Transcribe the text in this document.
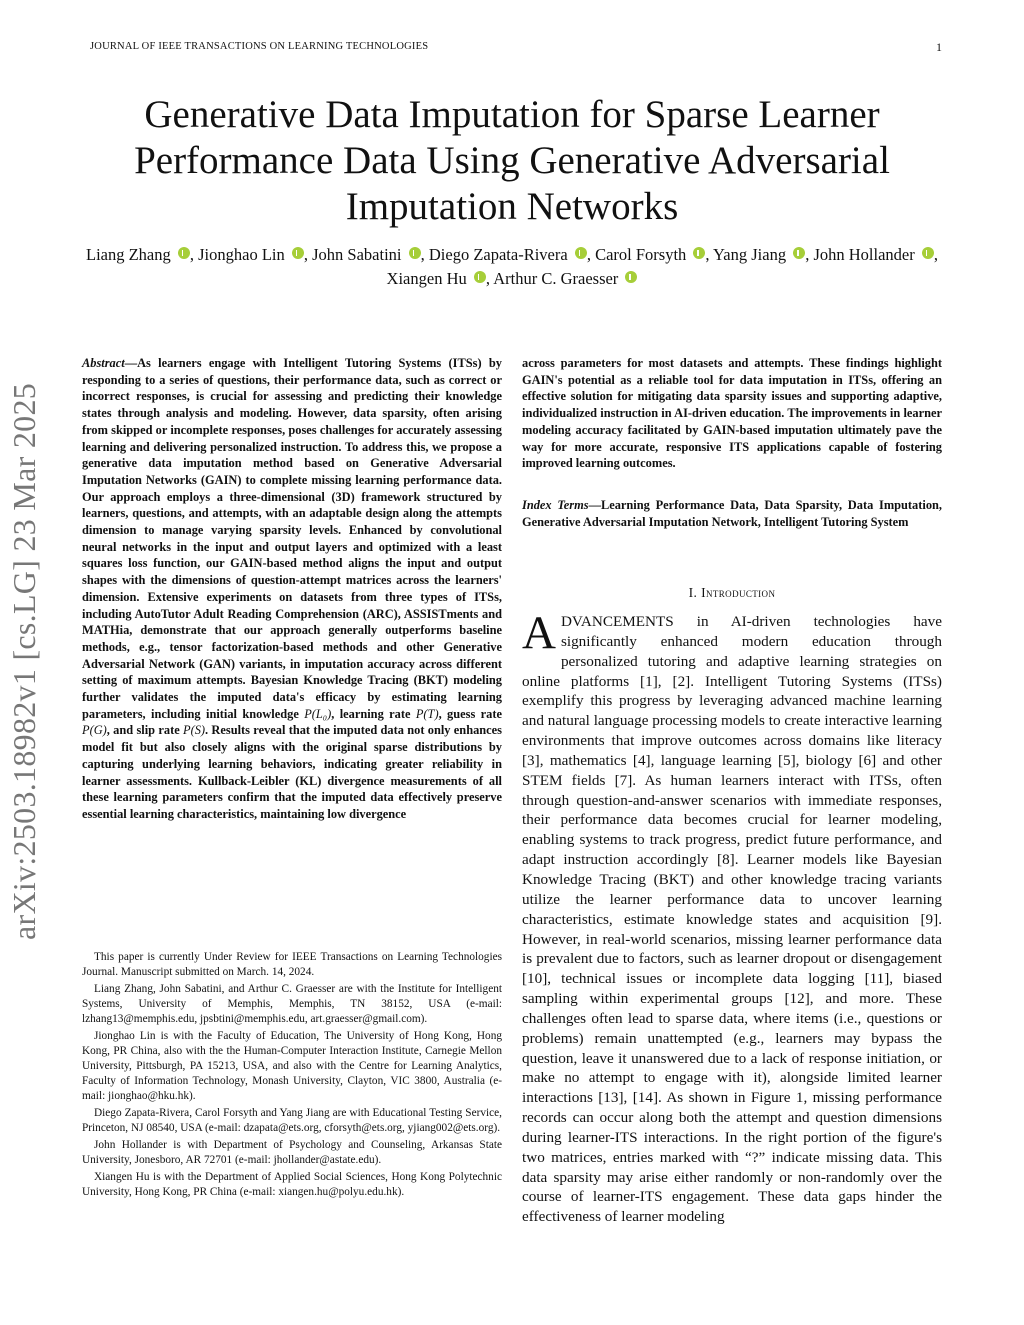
JOURNAL OF IEEE TRANSACTIONS ON LEARNING TECHNOLOGIES	1
Generative Data Imputation for Sparse Learner Performance Data Using Generative Adversarial Imputation Networks
Liang Zhang , Jionghao Lin , John Sabatini , Diego Zapata-Rivera , Carol Forsyth , Yang Jiang , John Hollander , Xiangen Hu , Arthur C. Graesser
arXiv:2503.18982v1 [cs.LG] 23 Mar 2025

Abstract—As learners engage with Intelligent Tutoring Systems (ITSs) by responding to a series of questions, their performance data, such as correct or incorrect responses, is crucial for assessing and predicting their knowledge states through analysis and modeling. However, data sparsity, often arising from skipped or incomplete responses, poses challenges for accurately assessing learning and delivering personalized instruction. To address this, we propose a generative data imputation method based on Generative Adversarial Imputation Networks (GAIN) to complete missing learning performance data. Our approach employs a three-dimensional (3D) framework structured by learners, questions, and attempts, with an adaptable design along the attempts dimension to manage varying sparsity levels. Enhanced by convolutional neural networks in the input and output layers and optimized with a least squares loss function, our GAIN-based method aligns the input and output shapes with the dimensions of question-attempt matrices across the learners' dimension. Extensive experiments on datasets from three types of ITSs, including AutoTutor Adult Reading Comprehension (ARC), ASSISTments and MATHia, demonstrate that our approach generally outperforms baseline methods, e.g., tensor factorization-based methods and other Generative Adversarial Network (GAN) variants, in imputation accuracy across different setting of maximum attempts. Bayesian Knowledge Tracing (BKT) modeling further validates the imputed data's efficacy by estimating learning parameters, including initial knowledge P(L₀), learning rate P(T), guess rate P(G), and slip rate P(S). Results reveal that the imputed data not only enhances model fit but also closely aligns with the original sparse distributions by capturing underlying learning behaviors, indicating greater reliability in learner assessments. Kullback-Leibler (KL) divergence measurements of all these learning parameters confirm that the imputed data effectively preserve essential learning characteristics, maintaining low divergence

across parameters for most datasets and attempts. These findings highlight GAIN's potential as a reliable tool for data imputation in ITSs, offering an effective solution for mitigating data sparsity issues and supporting adaptive, individualized instruction in AI-driven education. The improvements in learner modeling accuracy facilitated by GAIN-based imputation ultimately pave the way for more accurate, responsive ITS applications capable of fostering improved learning outcomes.

Index Terms—Learning Performance Data, Data Sparsity, Data Imputation, Generative Adversarial Imputation Network, Intelligent Tutoring System

I. Introduction

ADVANCEMENTS in AI-driven technologies have significantly enhanced modern education through personalized tutoring and adaptive learning strategies on online platforms [1], [2]. Intelligent Tutoring Systems (ITSs) exemplify this progress by leveraging advanced machine learning and natural language processing models to create interactive learning environments that improve outcomes across domains like literacy [3], mathematics [4], language learning [5], biology [6] and other STEM fields [7]. As human learners interact with ITSs, often through question-and-answer scenarios with immediate responses, their performance data becomes crucial for learner modeling, enabling systems to track progress, predict future performance, and adapt instruction accordingly [8]. Learner models like Bayesian Knowledge Tracing (BKT) and other knowledge tracing variants utilize the learner performance data to uncover learning characteristics, estimate knowledge states and acquisition [9]. However, in real-world scenarios, missing learner performance data is prevalent due to factors, such as learner dropout or disengagement [10], technical issues or incomplete data logging [11], biased sampling within experimental groups [12], and more. These challenges often lead to sparse data, where items (i.e., questions or problems) remain unattempted (e.g., learners may bypass the question, leave it unanswered due to a lack of response initiation, or make no attempt to engage with it), alongside limited learner interactions [13], [14]. As shown in Figure 1, missing performance records can occur along both the attempt and question dimensions during learner-ITS interactions. In the right portion of the figure's two matrices, entries marked with “?” indicate missing data. This data sparsity may arise either randomly or non-randomly over the course of learner-ITS engagement. These data gaps hinder the effectiveness of learner modeling

This paper is currently Under Review for IEEE Transactions on Learning Technologies Journal. Manuscript submitted on March. 14, 2024.

Liang Zhang, John Sabatini, and Arthur C. Graesser are with the Institute for Intelligent Systems, University of Memphis, Memphis, TN 38152, USA (e-mail: lzhang13@memphis.edu, jpsbtini@memphis.edu, art.graesser@gmail.com).

Jionghao Lin is with the Faculty of Education, The University of Hong Kong, Hong Kong, PR China, also with the the Human-Computer Interaction Institute, Carnegie Mellon University, Pittsburgh, PA 15213, USA, and also with the Centre for Learning Analytics, Faculty of Information Technology, Monash University, Clayton, VIC 3800, Australia (e-mail: jionghao@hku.hk).

Diego Zapata-Rivera, Carol Forsyth and Yang Jiang are with Educational Testing Service, Princeton, NJ 08540, USA (e-mail: dzapata@ets.org, cforsyth@ets.org, yjiang002@ets.org).

John Hollander is with Department of Psychology and Counseling, Arkansas State University, Jonesboro, AR 72701 (e-mail: jhollander@astate.edu).

Xiangen Hu is with the Department of Applied Social Sciences, Hong Kong Polytechnic University, Hong Kong, PR China (e-mail: xiangen.hu@polyu.edu.hk).
